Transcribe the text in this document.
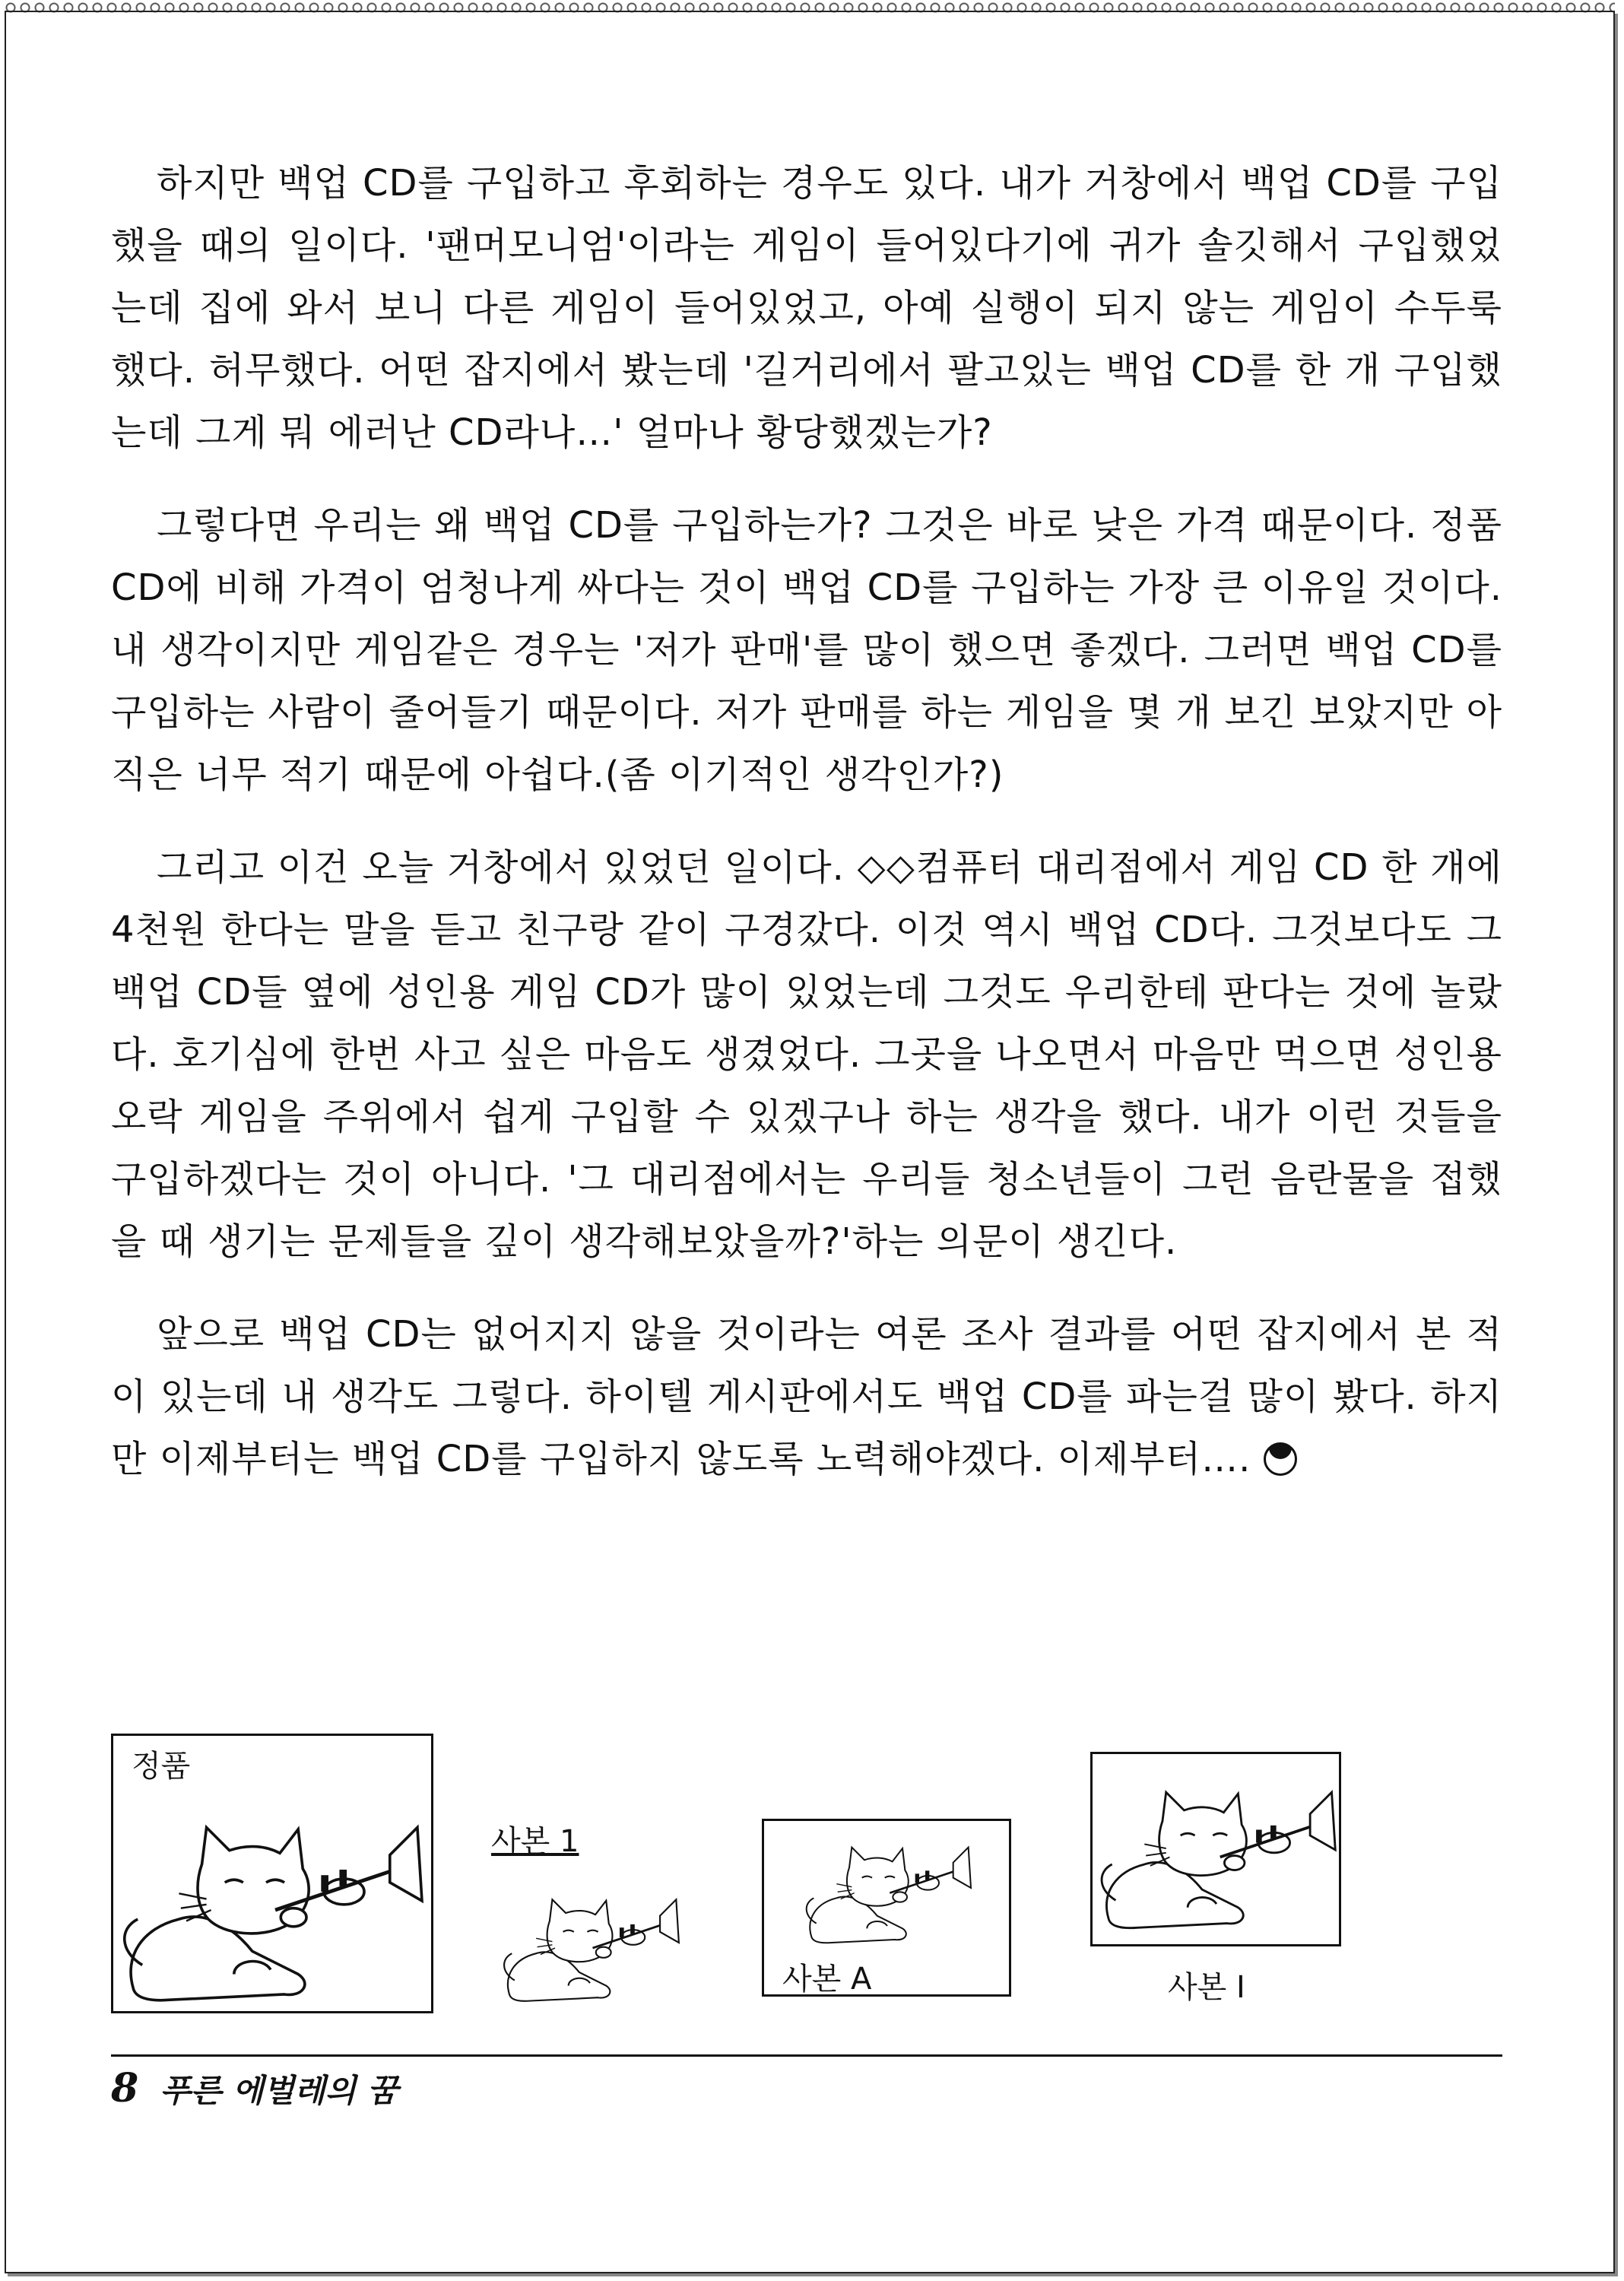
하지만 백업 CD를 구입하고 후회하는 경우도 있다. 내가 거창에서 백업 CD를 구입했을 때의 일이다. '팬머모니엄'이라는 게임이 들어있다기에 귀가 솔깃해서 구입했었는데 집에 와서 보니 다른 게임이 들어있었고, 아예 실행이 되지 않는 게임이 수두룩 했다. 허무했다. 어떤 잡지에서 봤는데 '길거리에서 팔고있는 백업 CD를 한 개 구입했는데 그게 뭐 에러난 CD라나…' 얼마나 황당했겠는가?

그렇다면 우리는 왜 백업 CD를 구입하는가? 그것은 바로 낮은 가격 때문이다. 정품 CD에 비해 가격이 엄청나게 싸다는 것이 백업 CD를 구입하는 가장 큰 이유일 것이다. 내 생각이지만 게임같은 경우는 '저가 판매'를 많이 했으면 좋겠다. 그러면 백업 CD를 구입하는 사람이 줄어들기 때문이다. 저가 판매를 하는 게임을 몇 개 보긴 보았지만 아직은 너무 적기 때문에 아쉽다.(좀 이기적인 생각인가?)

그리고 이건 오늘 거창에서 있었던 일이다. ◇◇컴퓨터 대리점에서 게임 CD 한 개에 4천원 한다는 말을 듣고 친구랑 같이 구경갔다. 이것 역시 백업 CD다. 그것보다도 그 백업 CD들 옆에 성인용 게임 CD가 많이 있었는데 그것도 우리한테 판다는 것에 놀랐다. 호기심에 한번 사고 싶은 마음도 생겼었다. 그곳을 나오면서 마음만 먹으면 성인용 오락 게임을 주위에서 쉽게 구입할 수 있겠구나 하는 생각을 했다. 내가 이런 것들을 구입하겠다는 것이 아니다. '그 대리점에서는 우리들 청소년들이 그런 음란물을 접했을 때 생기는 문제들을 깊이 생각해보았을까?'하는 의문이 생긴다.

앞으로 백업 CD는 없어지지 않을 것이라는 여론 조사 결과를 어떤 잡지에서 본 적이 있는데 내 생각도 그렇다. 하이텔 게시판에서도 백업 CD를 파는걸 많이 봤다. 하지만 이제부터는 백업 CD를 구입하지 않도록 노력해야겠다. 이제부터….

정품
사본 1
사본 A	사본 I
8 푸른 에벌레의 꿈
